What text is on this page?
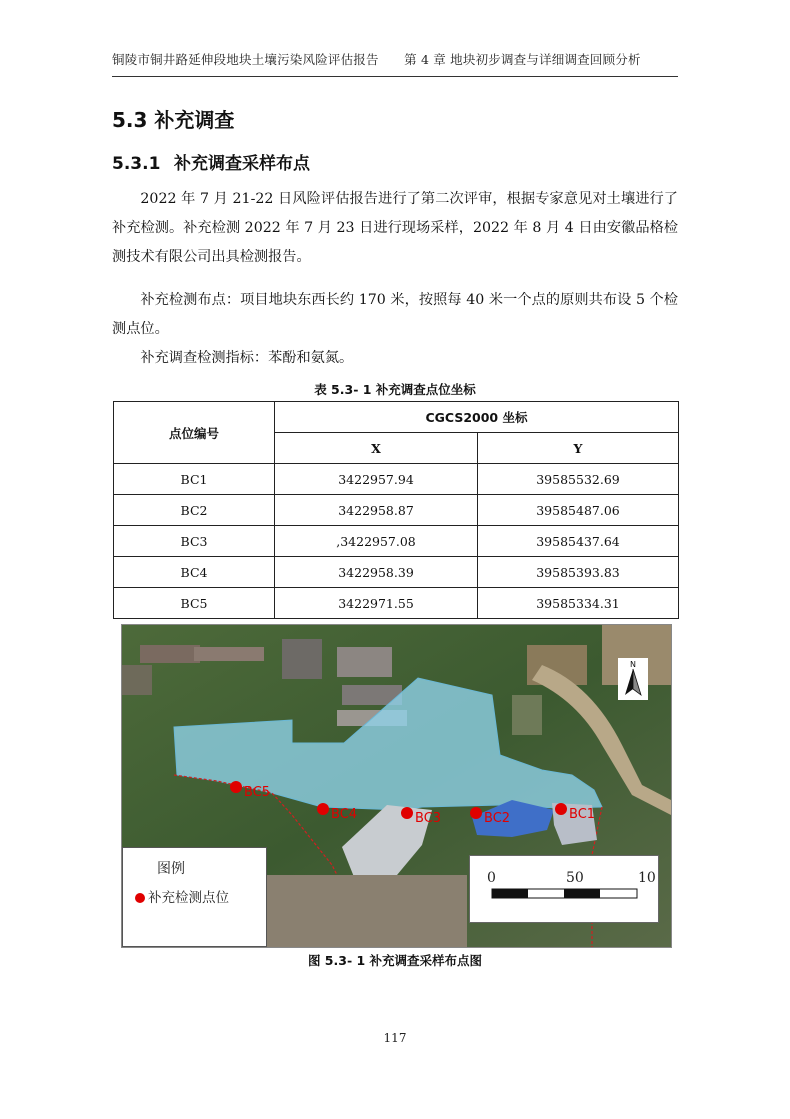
铜陵市铜井路延伸段地块土壤污染风险评估报告　　第 4 章 地块初步调查与详细调查回顾分析
5.3 补充调查
5.3.1 补充调查采样布点

2022 年 7 月 21-22 日风险评估报告进行了第二次评审，根据专家意见对土壤进行了补充检测。补充检测 2022 年 7 月 23 日进行现场采样，2022 年 8 月 4 日由安徽品格检测技术有限公司出具检测报告。

补充检测布点：项目地块东西长约 170 米，按照每 40 米一个点的原则共布设 5 个检测点位。

补充调查检测指标：苯酚和氨氮。

表 5.3- 1 补充调查点位坐标
点位编号	CGCS2000 坐标	
	X	Y
BC1	3422957.94	39585532.69
BC2	3422958.87	39585487.06
BC3	,3422957.08	39585437.64
BC4	3422958.39	39585393.83
BC5	3422971.55	39585334.31
N
BC5
BC4	BC3	BC2	BC1
图例
补充检测点位
0	50	10
图 5.3- 1 补充调查采样布点图
117
